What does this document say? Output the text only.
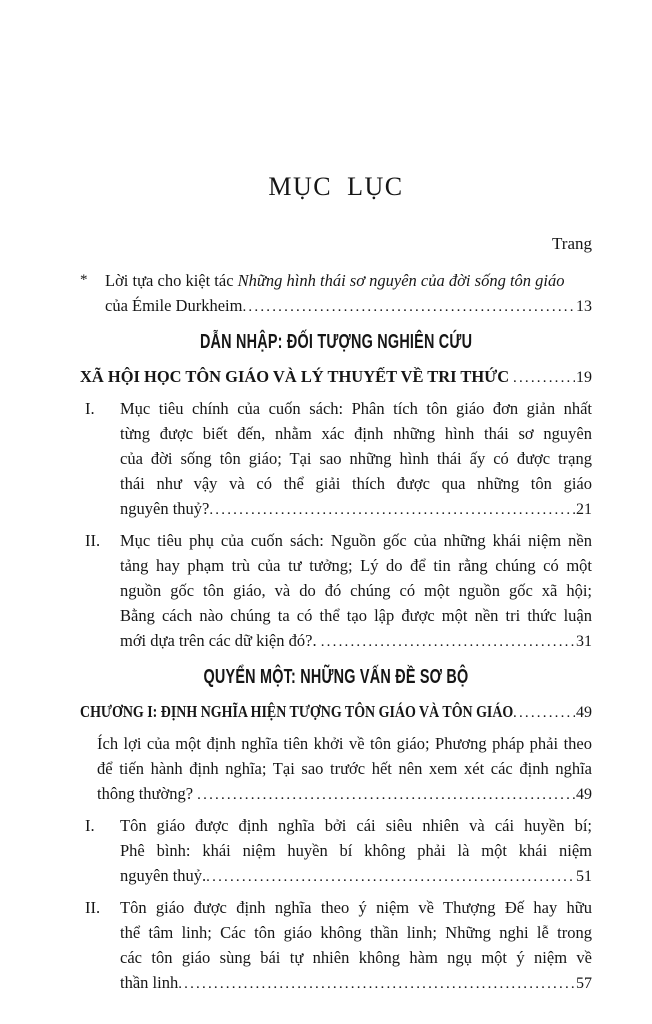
MỤC LỤC
Trang
* Lời tựa cho kiệt tác Những hình thái sơ nguyên của đời sống tôn giáo
của Émile Durkheim .....	13
DẪN NHẬP: ĐỐI TƯỢNG NGHIÊN CỨU
XÃ HỘI HỌC TÔN GIÁO VÀ LÝ THUYẾT VỀ TRI THỨC .....	19
I. Mục tiêu chính của cuốn sách: Phân tích tôn giáo đơn giản nhất
từng được biết đến, nhằm xác định những hình thái sơ nguyên
của đời sống tôn giáo; Tại sao những hình thái ấy có được trạng
thái như vậy và có thể giải thích được qua những tôn giáo
nguyên thuỷ? .....	21
II. Mục tiêu phụ của cuốn sách: Nguồn gốc của những khái niệm nền
tảng hay phạm trù của tư tưởng; Lý do để tin rằng chúng có một
nguồn gốc tôn giáo, và do đó chúng có một nguồn gốc xã hội;
Bằng cách nào chúng ta có thể tạo lập được một nền tri thức luận
mới dựa trên các dữ kiện đó?. .....	31
QUYỂN MỘT: NHỮNG VẤN ĐỀ SƠ BỘ
CHƯƠNG I: ĐỊNH NGHĨA HIỆN TƯỢNG TÔN GIÁO VÀ TÔN GIÁO .....	49
Ích lợi của một định nghĩa tiên khởi về tôn giáo; Phương pháp phải theo
để tiến hành định nghĩa; Tại sao trước hết nên xem xét các định nghĩa
thông thường? .....	49
I. Tôn giáo được định nghĩa bởi cái siêu nhiên và cái huyền bí;
Phê bình: khái niệm huyền bí không phải là một khái niệm
nguyên thuỷ. .....	51
II. Tôn giáo được định nghĩa theo ý niệm về Thượng Đế hay hữu
thể tâm linh; Các tôn giáo không thần linh; Những nghi lễ trong
các tôn giáo sùng bái tự nhiên không hàm ngụ một ý niệm về
thần linh .....	57
